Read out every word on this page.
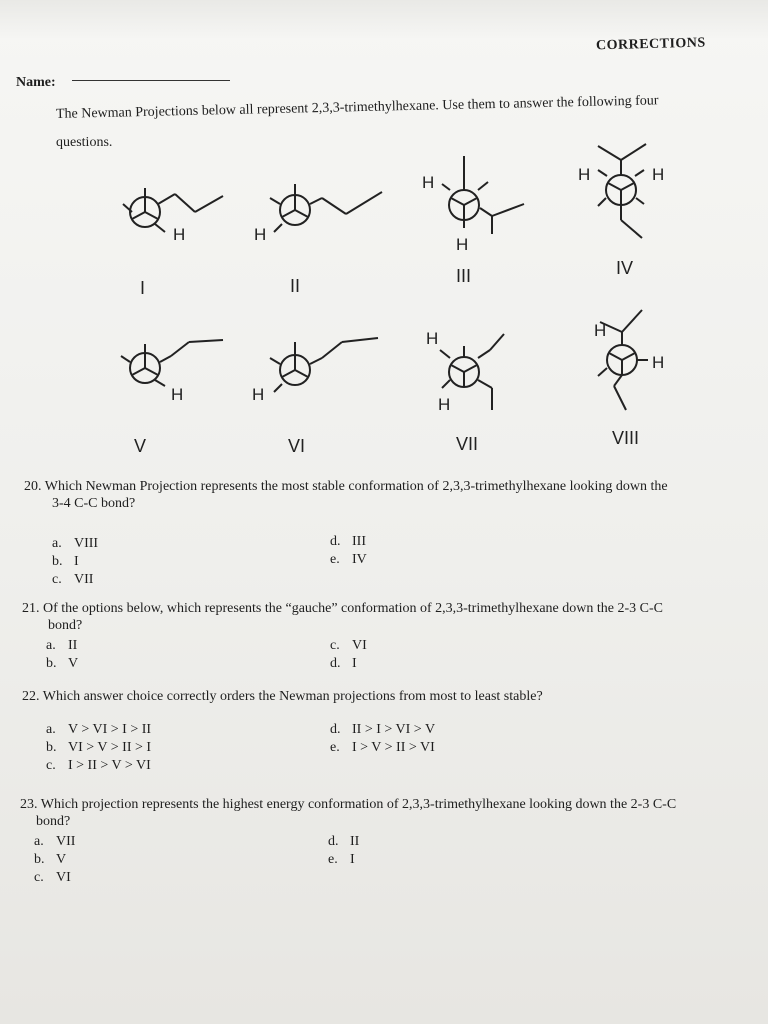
CORRECTIONS
Name:
The Newman Projections below all represent 2,3,3-trimethylhexane. Use them to answer the following four
questions.
H	H
H
H
H	H
I	II	III	IV
H	H
H
H
H
H
V	VI	VII	VIII
20. Which Newman Projection represents the most stable conformation of 2,3,3-trimethylhexane looking down the
3-4 C-C bond?
a. VIII
b. I
c. VII
d. III
e. IV
21. Of the options below, which represents the “gauche” conformation of 2,3,3-trimethylhexane down the 2-3 C-C
bond?
a. II
b. V
c. VI
d. I
22. Which answer choice correctly orders the Newman projections from most to least stable?
a. V > VI > I > II
b. VI > V > II > I
c. I > II > V > VI
d. II > I > VI > V
e. I > V > II > VI
23. Which projection represents the highest energy conformation of 2,3,3-trimethylhexane looking down the 2-3 C-C
bond?
a. VII
b. V
c. VI
d. II
e. I
